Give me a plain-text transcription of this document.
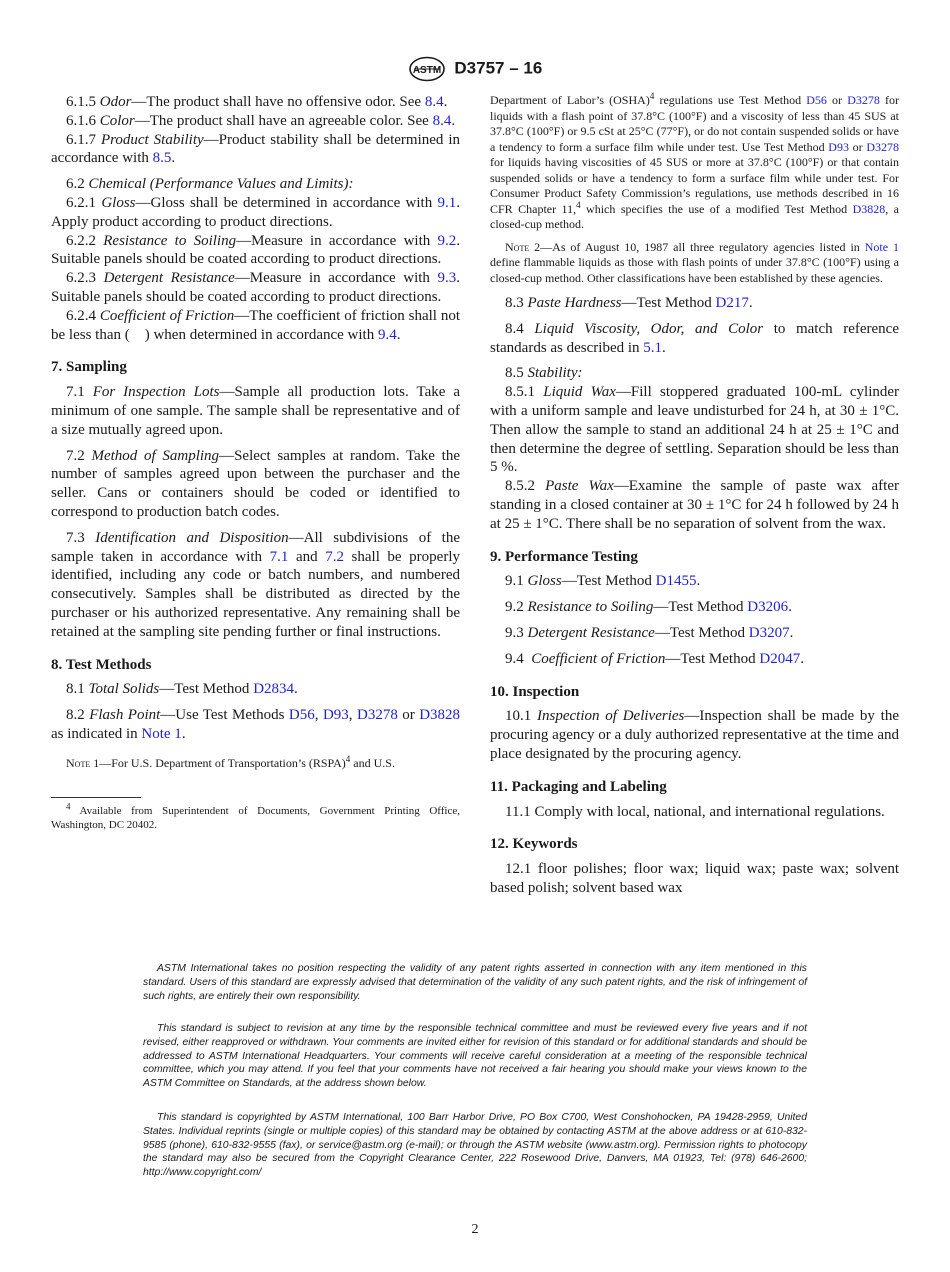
ASTM D3757 – 16

6.1.5 Odor—The product shall have no offensive odor. See 8.4.

6.1.6 Color—The product shall have an agreeable color. See 8.4.

6.1.7 Product Stability—Product stability shall be determined in accordance with 8.5.

6.2 Chemical (Performance Values and Limits):

6.2.1 Gloss—Gloss shall be determined in accordance with 9.1. Apply product according to product directions.

6.2.2 Resistance to Soiling—Measure in accordance with 9.2. Suitable panels should be coated according to product directions.

6.2.3 Detergent Resistance—Measure in accordance with 9.3. Suitable panels should be coated according to product directions.

6.2.4 Coefficient of Friction—The coefficient of friction shall not be less than (    ) when determined in accordance with 9.4.

7. Sampling

7.1 For Inspection Lots—Sample all production lots. Take a minimum of one sample. The sample shall be representative and of a size mutually agreed upon.

7.2 Method of Sampling—Select samples at random. Take the number of samples agreed upon between the purchaser and the seller. Cans or containers should be coded or identified to correspond to production batch codes.

7.3 Identification and Disposition—All subdivisions of the sample taken in accordance with 7.1 and 7.2 shall be properly identified, including any code or batch numbers, and numbered consecutively. Samples shall be distributed as directed by the purchaser or his authorized representative. Any remaining shall be retained at the sampling site pending further or final instructions.

8. Test Methods

8.1 Total Solids—Test Method D2834.

8.2 Flash Point—Use Test Methods D56, D93, D3278 or D3828 as indicated in Note 1.

Note 1—For U.S. Department of Transportation’s (RSPA)$^4$ and U.S.

$^4$ Available from Superintendent of Documents, Government Printing Office, Washington, DC 20402.

Department of Labor’s (OSHA)$^4$ regulations use Test Method D56 or D3278 for liquids with a flash point of 37.8°C (100°F) and a viscosity of less than 45 SUS at 37.8°C (100°F) or 9.5 cSt at 25°C (77°F), or do not contain suspended solids or have a tendency to form a surface film while under test. Use Test Method D93 or D3278 for liquids having viscosities of 45 SUS or more at 37.8°C (100°F) or that contain suspended solids or have a tendency to form a surface film while under test. For Consumer Product Safety Commission’s regulations, use methods described in 16 CFR Chapter 11,$^4$ which specifies the use of a modified Test Method D3828, a closed-cup method.

Note 2—As of August 10, 1987 all three regulatory agencies listed in Note 1 define flammable liquids as those with flash points of under 37.8°C (100°F) using a closed-cup method. Other classifications have been established by these agencies.

8.3 Paste Hardness—Test Method D217.

8.4 Liquid Viscosity, Odor, and Color to match reference standards as described in 5.1.

8.5 Stability:

8.5.1 Liquid Wax—Fill stoppered graduated 100-mL cylinder with a uniform sample and leave undisturbed for 24 h, at 30 ± 1°C. Then allow the sample to stand an additional 24 h at 25 ± 1°C and then determine the degree of settling. Separation should be less than 5 %.

8.5.2 Paste Wax—Examine the sample of paste wax after standing in a closed container at 30 ± 1°C for 24 h followed by 24 h at 25 ± 1°C. There shall be no separation of solvent from the wax.

9. Performance Testing

9.1 Gloss—Test Method D1455.

9.2 Resistance to Soiling—Test Method D3206.

9.3 Detergent Resistance—Test Method D3207.

9.4 Coefficient of Friction—Test Method D2047.

10. Inspection

10.1 Inspection of Deliveries—Inspection shall be made by the procuring agency or a duly authorized representative at the time and place designated by the procuring agency.

11. Packaging and Labeling

11.1 Comply with local, national, and international regulations.

12. Keywords

12.1 floor polishes; floor wax; liquid wax; paste wax; solvent based polish; solvent based wax

ASTM International takes no position respecting the validity of any patent rights asserted in connection with any item mentioned in this standard. Users of this standard are expressly advised that determination of the validity of any such patent rights, and the risk of infringement of such rights, are entirely their own responsibility.

This standard is subject to revision at any time by the responsible technical committee and must be reviewed every five years and if not revised, either reapproved or withdrawn. Your comments are invited either for revision of this standard or for additional standards and should be addressed to ASTM International Headquarters. Your comments will receive careful consideration at a meeting of the responsible technical committee, which you may attend. If you feel that your comments have not received a fair hearing you should make your views known to the ASTM Committee on Standards, at the address shown below.

This standard is copyrighted by ASTM International, 100 Barr Harbor Drive, PO Box C700, West Conshohocken, PA 19428-2959, United States. Individual reprints (single or multiple copies) of this standard may be obtained by contacting ASTM at the above address or at 610-832-9585 (phone), 610-832-9555 (fax), or service@astm.org (e-mail); or through the ASTM website (www.astm.org). Permission rights to photocopy the standard may also be secured from the Copyright Clearance Center, 222 Rosewood Drive, Danvers, MA 01923, Tel: (978) 646-2600; http://www.copyright.com/

2
